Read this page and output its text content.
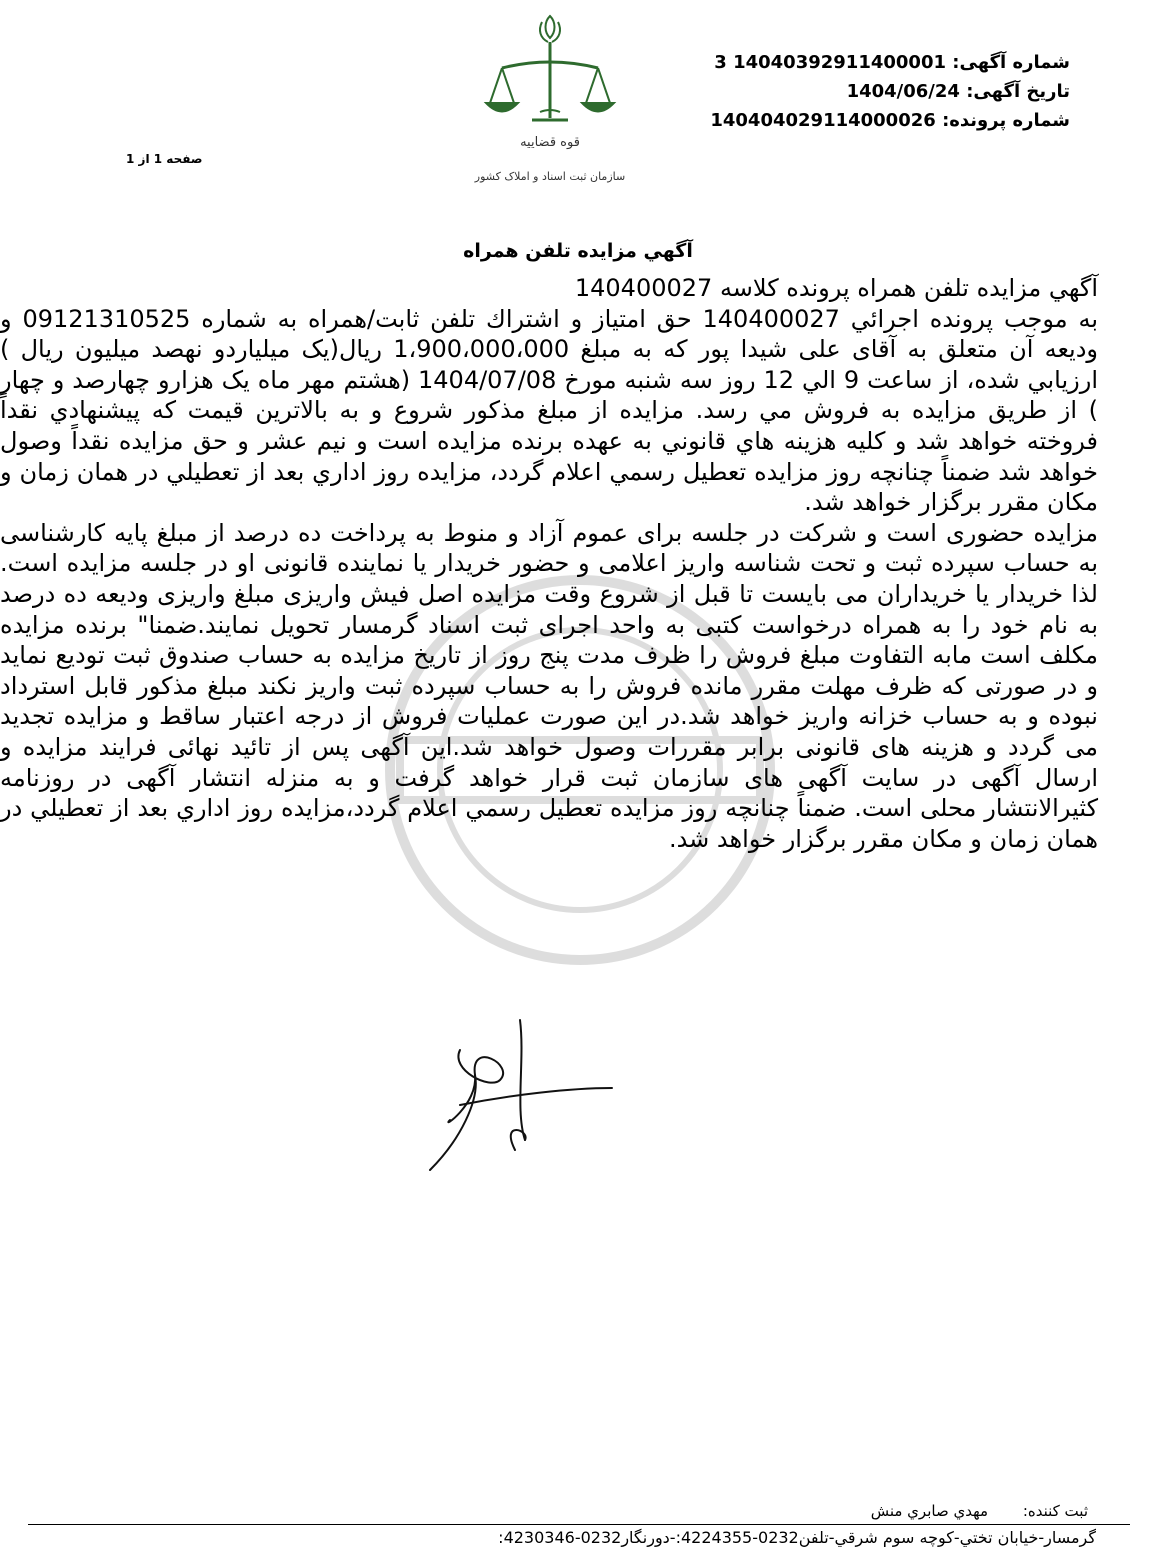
شماره آگهی: 14040392911400001 3
تاریخ آگهی: 1404/06/24
شماره پرونده: 140404029114000026
صفحه 1 از 1
قوه قضاییه
سازمان ثبت اسناد و املاک کشور
آگهي مزايده تلفن همراه

آگهي مزايده تلفن همراه پرونده كلاسه 140400027

به موجب پرونده اجرائي 140400027 حق امتياز و اشتراك تلفن ثابت/همراه به شماره 09121310525 و وديعه آن متعلق به آقای علی شیدا پور که به مبلغ 1،900،000،000 ريال(یک میلیاردو نهصد میلیون ريال ) ارزيابي شده، از ساعت 9 الي 12 روز سه شنبه مورخ 1404/07/08 (هشتم مهر ماه يک هزارو چهارصد و چهار ) از طريق مزايده به فروش مي رسد. مزايده از مبلغ مذكور شروع و به بالاترين قيمت كه پيشنهادي نقداً فروخته خواهد شد و كليه هزينه هاي قانوني به عهده برنده مزايده است و نيم عشر و حق مزايده نقداً وصول خواهد شد ضمناً چنانچه روز مزايده تعطيل رسمي اعلام گردد، مزايده روز اداري بعد از تعطيلي در همان زمان و مكان مقرر برگزار خواهد شد.

مزایده حضوری است و شرکت در جلسه برای عموم آزاد و منوط به پرداخت ده درصد از مبلغ پایه کارشناسی به حساب سپرده ثبت و تحت شناسه واریز اعلامی و حضور خریدار یا نماینده قانونی او در جلسه مزایده است. لذا خریدار یا خریداران می بایست تا قبل از شروع وقت مزایده اصل فیش واریزی مبلغ واریزی ودیعه ده درصد به نام خود را به همراه درخواست کتبی به واحد اجرای ثبت اسناد گرمسار تحویل نمایند.ضمنا" برنده مزایده مکلف است مابه التفاوت مبلغ فروش را ظرف مدت پنج روز از تاریخ مزایده به حساب صندوق ثبت تودیع نماید و در صورتی که ظرف مهلت مقرر مانده فروش را به حساب سپرده ثبت واریز نکند مبلغ مذکور قابل استرداد نبوده و به حساب خزانه واریز خواهد شد.در این صورت عملیات فروش از درجه اعتبار ساقط و مزایده تجدید می گردد و هزینه های قانونی برابر مقررات وصول خواهد شد.این آگهی پس از تائید نهائی فرایند مزایده و ارسال آگهی در سایت آگهی های سازمان ثبت قرار خواهد گرفت و به منزله انتشار آگهی در روزنامه کثیرالانتشار محلی است. ضمناً چنانچه روز مزايده تعطيل رسمي اعلام گردد،مزايده روز اداري بعد از تعطيلي در همان زمان و مكان مقرر برگزار خواهد شد.

ثبت کننده: مهدي صابري منش
گرمسار-خيابان تختي-كوچه سوم شرقي-تلفن0232-4224355:-دورنگار0232-4230346:
